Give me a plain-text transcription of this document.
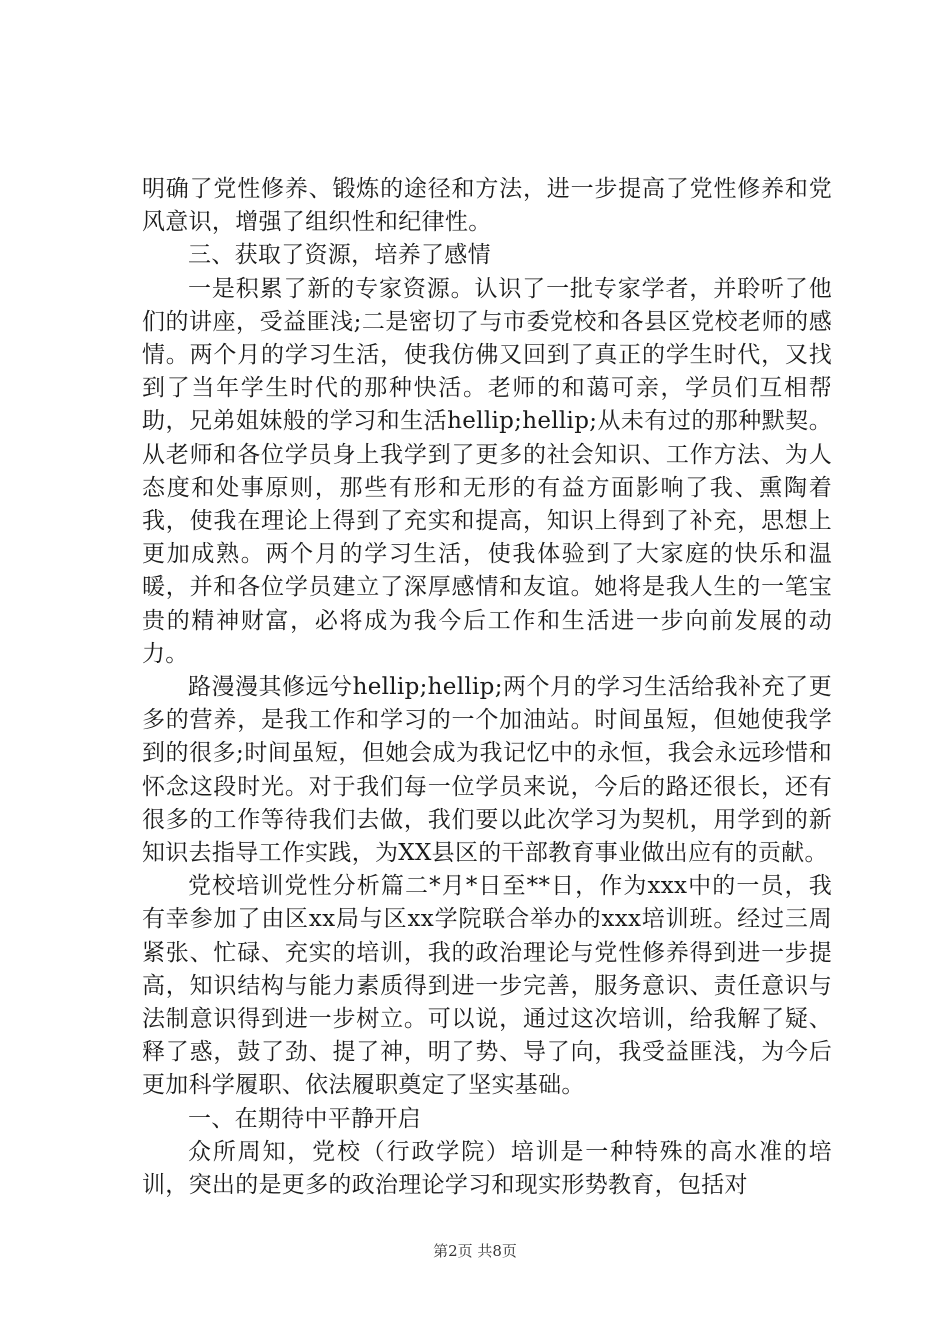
明确了党性修养、锻炼的途径和方法，进一步提高了党性修养和党风意识，增强了组织性和纪律性。

三、获取了资源，培养了感情

一是积累了新的专家资源。认识了一批专家学者，并聆听了他们的讲座，受益匪浅;二是密切了与市委党校和各县区党校老师的感情。两个月的学习生活，使我仿佛又回到了真正的学生时代，又找到了当年学生时代的那种快活。老师的和蔼可亲，学员们互相帮助，兄弟姐妹般的学习和生活hellip;hellip;从未有过的那种默契。从老师和各位学员身上我学到了更多的社会知识、工作方法、为人态度和处事原则，那些有形和无形的有益方面影响了我、熏陶着我，使我在理论上得到了充实和提高，知识上得到了补充，思想上更加成熟。两个月的学习生活，使我体验到了大家庭的快乐和温暖，并和各位学员建立了深厚感情和友谊。她将是我人生的一笔宝贵的精神财富，必将成为我今后工作和生活进一步向前发展的动力。

路漫漫其修远兮hellip;hellip;两个月的学习生活给我补充了更多的营养，是我工作和学习的一个加油站。时间虽短，但她使我学到的很多;时间虽短，但她会成为我记忆中的永恒，我会永远珍惜和怀念这段时光。对于我们每一位学员来说，今后的路还很长，还有很多的工作等待我们去做，我们要以此次学习为契机，用学到的新知识去指导工作实践，为XX县区的干部教育事业做出应有的贡献。

党校培训党性分析篇二*月*日至**日，作为xxx中的一员，我有幸参加了由区xx局与区xx学院联合举办的xxx培训班。经过三周紧张、忙碌、充实的培训，我的政治理论与党性修养得到进一步提高，知识结构与能力素质得到进一步完善，服务意识、责任意识与法制意识得到进一步树立。可以说，通过这次培训，给我解了疑、释了惑，鼓了劲、提了神，明了势、导了向，我受益匪浅，为今后更加科学履职、依法履职奠定了坚实基础。

一、在期待中平静开启

众所周知，党校（行政学院）培训是一种特殊的高水准的培训，突出的是更多的政治理论学习和现实形势教育，包括对

第2页 共8页
